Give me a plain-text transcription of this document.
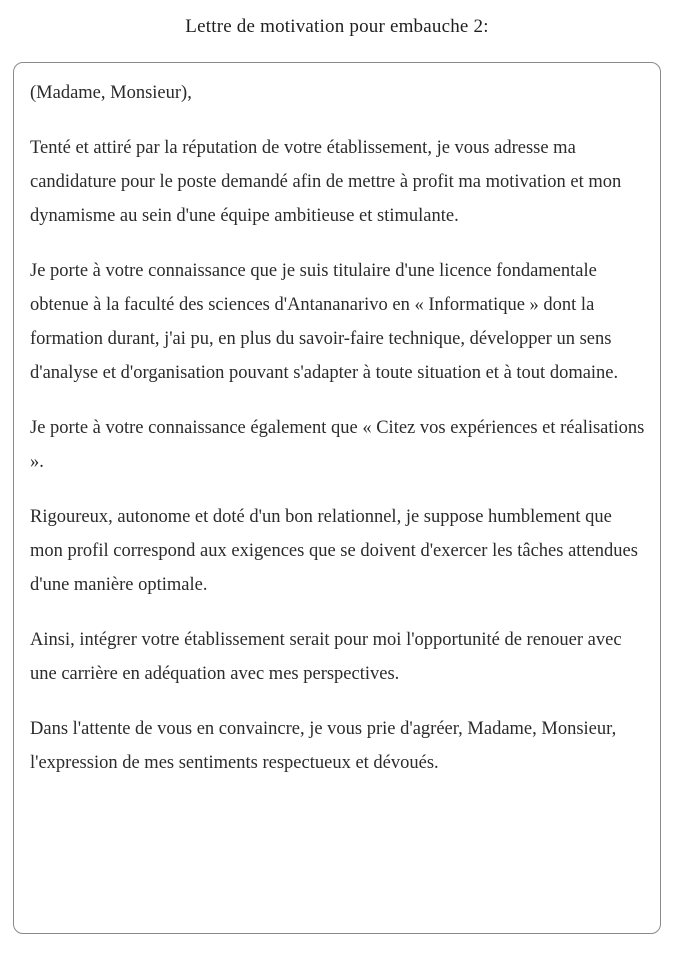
Lettre de motivation pour embauche 2:

(Madame, Monsieur),

Tenté et attiré par la réputation de votre établissement, je vous adresse ma candidature pour le poste demandé afin de mettre à profit ma motivation et mon dynamisme au sein d'une équipe ambitieuse et stimulante.

Je porte à votre connaissance que je suis titulaire d'une licence fondamentale obtenue à la faculté des sciences d'Antananarivo en « Informatique » dont la formation durant, j'ai pu, en plus du savoir-faire technique, développer un sens d'analyse et d'organisation pouvant s'adapter à toute situation et à tout domaine.

Je porte à votre connaissance également que « Citez vos expériences et réalisations ».

Rigoureux, autonome et doté d'un bon relationnel, je suppose humblement que mon profil correspond aux exigences que se doivent d'exercer les tâches attendues d'une manière optimale.

Ainsi, intégrer votre établissement serait pour moi l'opportunité de renouer avec une carrière en adéquation avec mes perspectives.

Dans l'attente de vous en convaincre, je vous prie d'agréer, Madame, Monsieur, l'expression de mes sentiments respectueux et dévoués.
